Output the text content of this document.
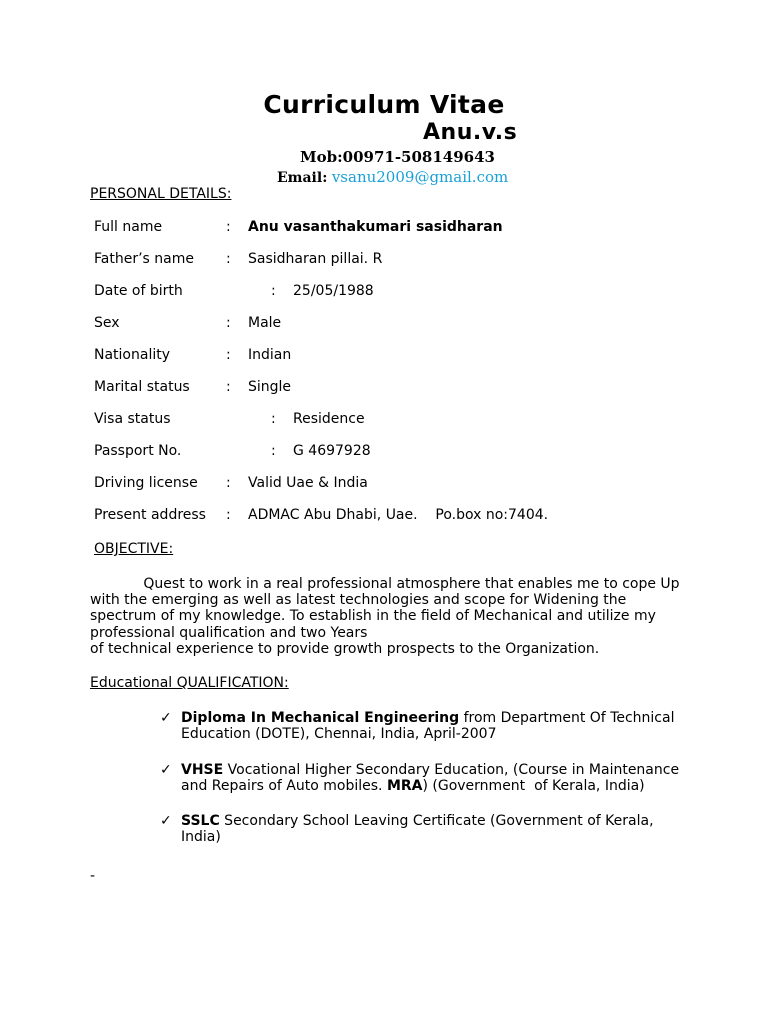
Curriculum Vitae
Anu.v.s
Mob:00971-508149643
Email: vsanu2009@gmail.com
PERSONAL DETAILS:
Full name	: Anu vasanthakumari sasidharan
Father’s name : Sasidharan pillai. R
Date of birth	: 25/05/1988
Sex	: Male
Nationality	: Indian
Marital status	: Single
Visa status	: Residence
Passport No.	: G 4697928
Driving license : Valid Uae & India
Present address : ADMAC Abu Dhabi, Uae.    Po.box no:7404.
OBJECTIVE:

Quest to work in a real professional atmosphere that enables me to cope Up

with the emerging as well as latest technologies and scope for Widening the

spectrum of my knowledge. To establish in the field of Mechanical and utilize my

professional qualification and two Years

of technical experience to provide growth prospects to the Organization.

Educational QUALIFICATION:
✓ Diploma In Mechanical Engineering from Department Of Technical
Education (DOTE), Chennai, India, April-2007
✓ VHSE Vocational Higher Secondary Education, (Course in Maintenance
and Repairs of Auto mobiles. MRA) (Government  of Kerala, India)
✓ SSLC Secondary School Leaving Certificate (Government of Kerala,
India)
-
